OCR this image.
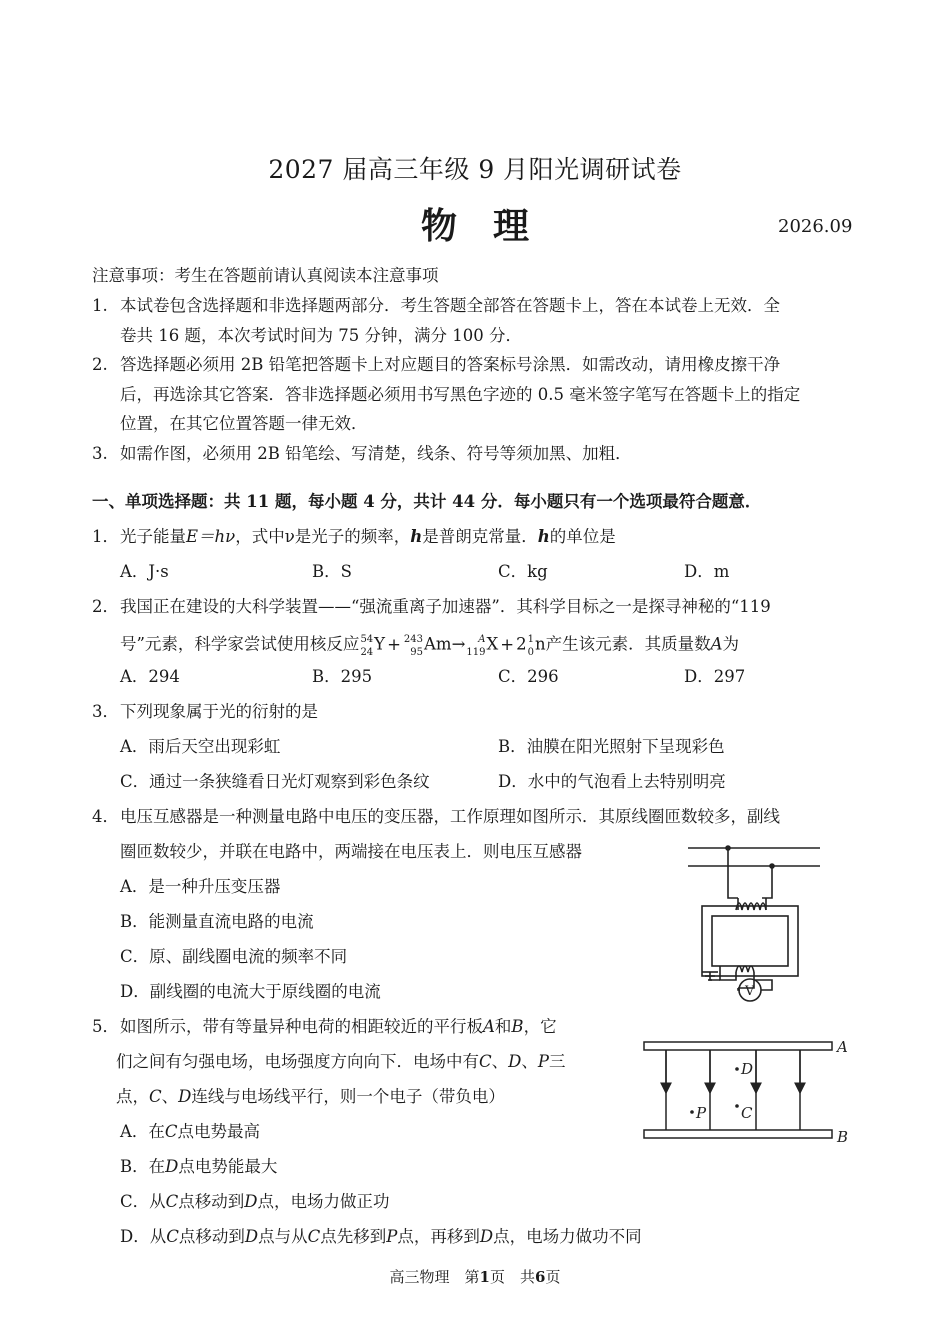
2027 届高三年级 9 月阳光调研试卷
物理	2026.09
注意事项：考生在答题前请认真阅读本注意事项
1. 本试卷包含选择题和非选择题两部分．考生答题全部答在答题卡上，答在本试卷上无效．全
卷共 16 题，本次考试时间为 75 分钟，满分 100 分．
2. 答选择题必须用 2B 铅笔把答题卡上对应题目的答案标号涂黑．如需改动，请用橡皮擦干净
后，再选涂其它答案．答非选择题必须用书写黑色字迹的 0.5 毫米签字笔写在答题卡上的指定
位置，在其它位置答题一律无效．
3. 如需作图，必须用 2B 铅笔绘、写清楚，线条、符号等须加黑、加粗．
一、单项选择题：共 11 题，每小题 4 分，共计 44 分．每小题只有一个选项最符合题意．
1．光子能量E＝hν，式中ν是光子的频率，h是普朗克常量．h的单位是
A．J·s	B．S	C．kg	D．m
2．我国正在建设的大科学装置——“强流重离子加速器”．其科学目标之一是探寻神秘的“119
号”元素，科学家尝试使用核反应54
24Y + 243
95Am→ A
119X + 21
0n产生该元素．其质量数A为
A．294	B．295	C．296	D．297
3．下列现象属于光的衍射的是
A．雨后天空出现彩虹	B．油膜在阳光照射下呈现彩色
C．通过一条狭缝看日光灯观察到彩色条纹	D．水中的气泡看上去特别明亮
4．电压互感器是一种测量电路中电压的变压器，工作原理如图所示．其原线圈匝数较多，副线
圈匝数较少，并联在电路中，两端接在电压表上．则电压互感器
A．是一种升压变压器
B．能测量直流电路的电流
C．原、副线圈电流的频率不同
D．副线圈的电流大于原线圈的电流	V
5．如图所示，带有等量异种电荷的相距较近的平行板A和B，它
们之间有匀强电场，电场强度方向向下．电场中有C、D、P三
点，C、D连线与电场线平行，则一个电子（带负电）
A．在C点电势最高
B．在D点电势能最大
C．从C点移动到D点，电场力做正功
D．从C点移动到D点与从C点先移到P点，再移到D点，电场力做功不同
A
B
D
P C
高三物理　第1页　共6页
